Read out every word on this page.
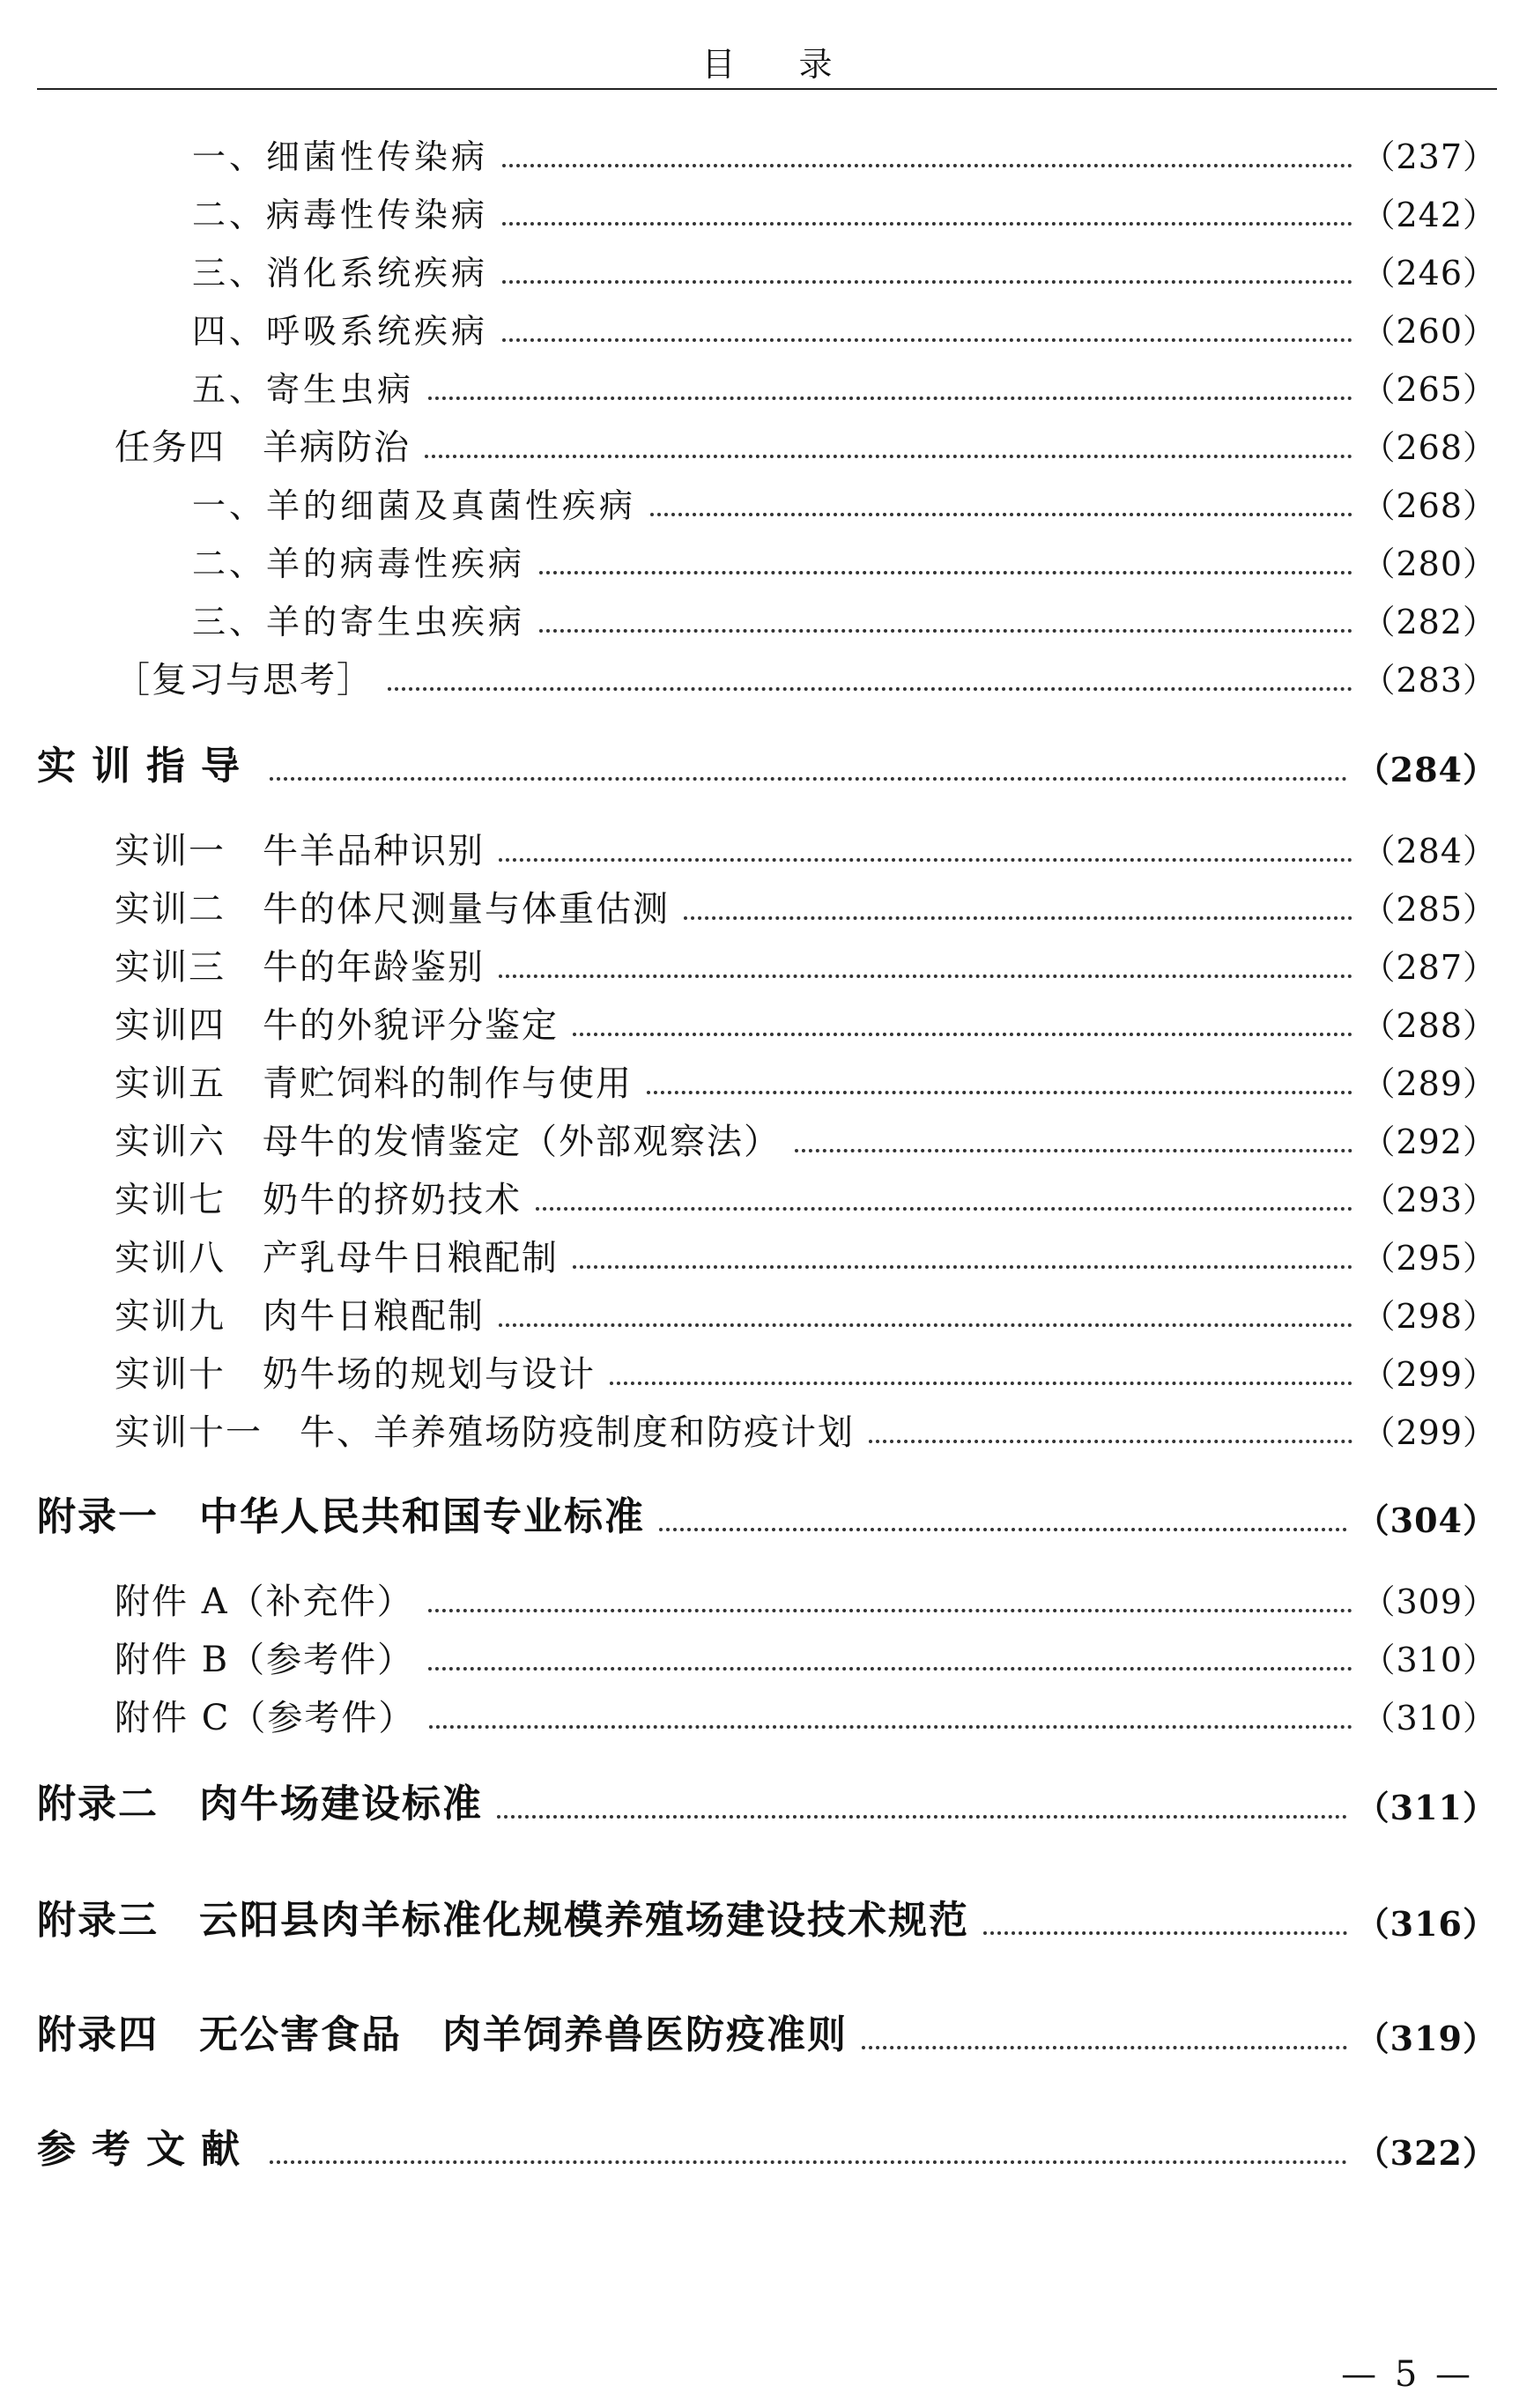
目 录
一、细菌性传染病	（237）
二、病毒性传染病	（242）
三、消化系统疾病	（246）
四、呼吸系统疾病	（260）
五、寄生虫病	（265）
任务四　羊病防治	（268）
一、羊的细菌及真菌性疾病	（268）
二、羊的病毒性疾病	（280）
三、羊的寄生虫疾病	（282）
［复习与思考］	（283）
实训指导	（284）
实训一　牛羊品种识别	（284）
实训二　牛的体尺测量与体重估测	（285）
实训三　牛的年龄鉴别	（287）
实训四　牛的外貌评分鉴定	（288）
实训五　青贮饲料的制作与使用	（289）
实训六　母牛的发情鉴定（外部观察法）	（292）
实训七　奶牛的挤奶技术	（293）
实训八　产乳母牛日粮配制	（295）
实训九　肉牛日粮配制	（298）
实训十　奶牛场的规划与设计	（299）
实训十一　牛、羊养殖场防疫制度和防疫计划	（299）
附录一　中华人民共和国专业标准	（304）
附件 A（补充件）	（309）
附件 B（参考件）	（310）
附件 C（参考件）	（310）
附录二　肉牛场建设标准	（311）
附录三　云阳县肉羊标准化规模养殖场建设技术规范	（316）
附录四　无公害食品　肉羊饲养兽医防疫准则	（319）
参考文献	（322）
— 5 —
